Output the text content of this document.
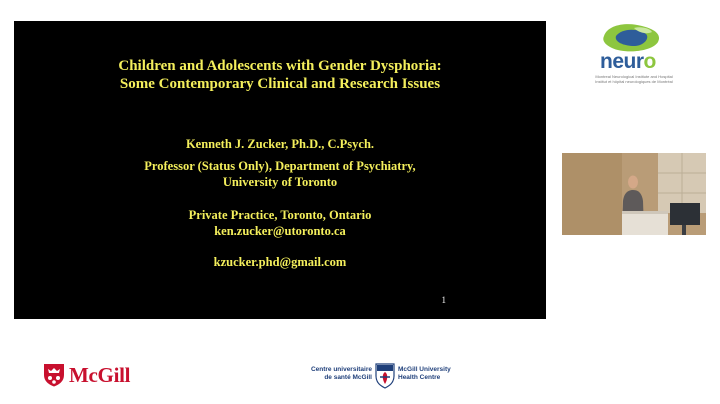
Children and Adolescents with Gender Dysphoria:
Some Contemporary Clinical and Research Issues
Kenneth J. Zucker, Ph.D., C.Psych.
Professor (Status Only), Department of Psychiatry,
University of Toronto
Private Practice, Toronto, Ontario
ken.zucker@utoronto.ca
kzucker.phd@gmail.com
1
neuro
Montreal Neurological Institute and Hospital
Institut et hôpital neurologiques de Montréal
McGill	Centre universitaire
de santé McGill
McGill University
Health Centre
